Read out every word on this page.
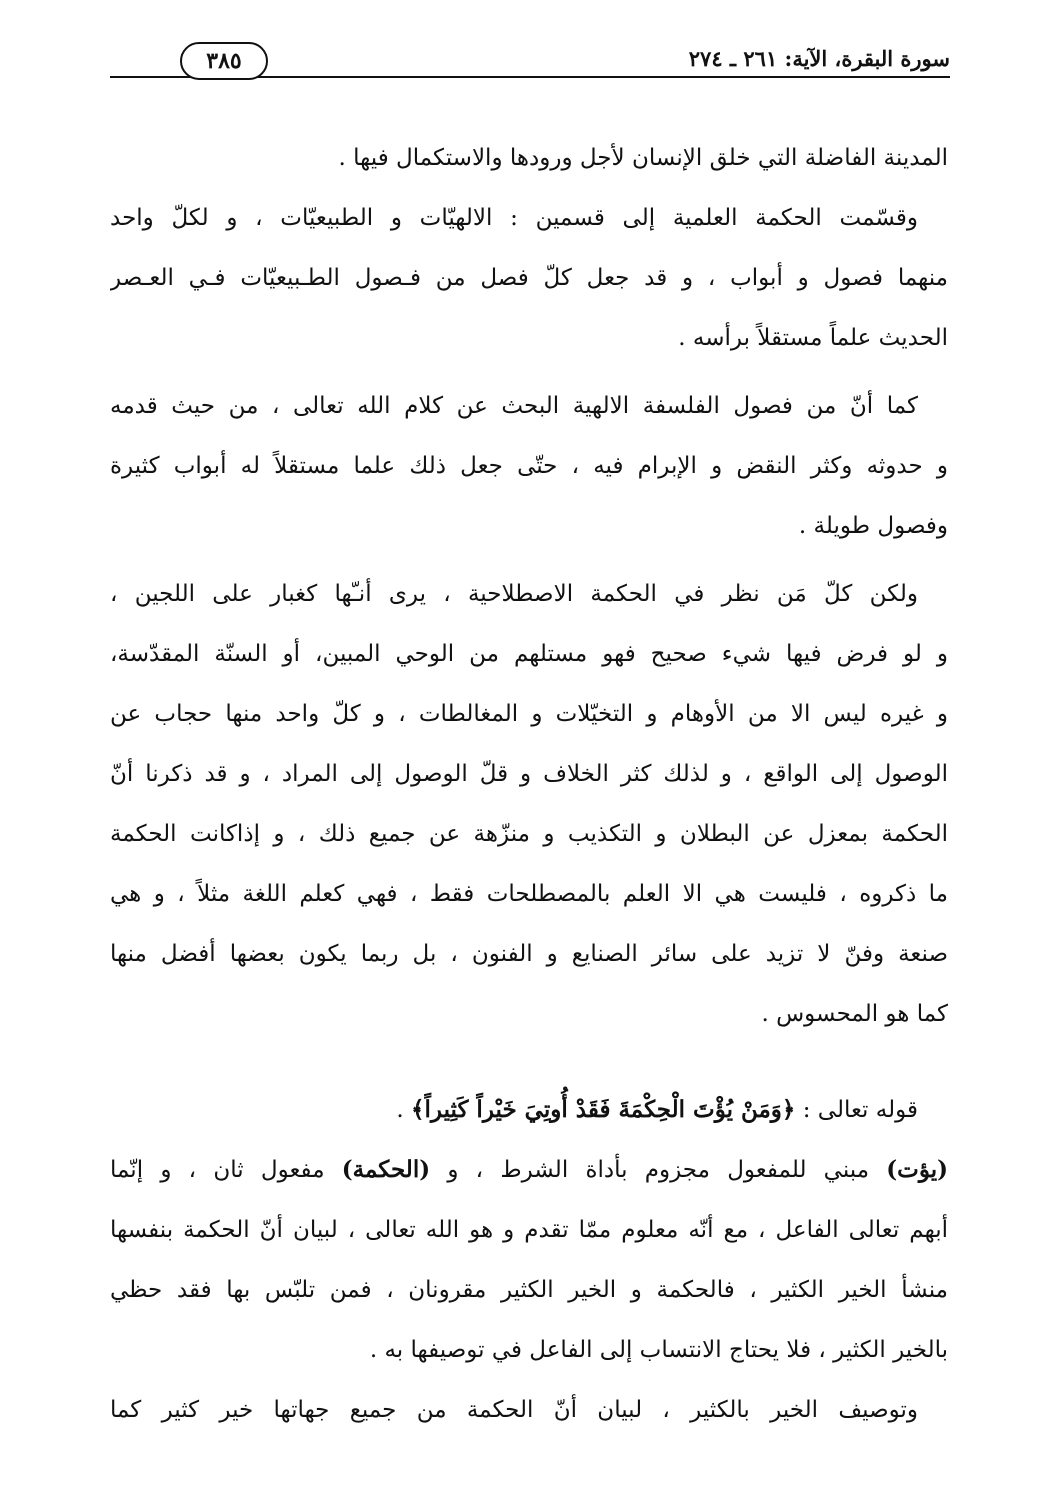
سورة البقرة، الآية: ٢٦١ ـ ٢٧٤
٣٨٥
المدينة الفاضلة التي خلق الإنسان لأجل ورودها والاستكمال فيها .
وقسّمت الحكمة العلمية إلى قسمين : الالهيّات و الطبيعيّات ، و لكلّ واحد
منهما فصول و أبواب ، و قد جعل كلّ فصل من فـصول الطـبيعيّات فـي العـصر
الحديث علماً مستقلاً برأسه .
كما أنّ من فصول الفلسفة الالهية البحث عن كلام الله تعالى ، من حيث قدمه
و حدوثه وكثر النقض و الإبرام فيه ، حتّى جعل ذلك علما مستقلاً له أبواب كثيرة
وفصول طويلة .
ولكن كلّ مَن نظر في الحكمة الاصطلاحية ، يرى أنـّها كغبار على اللجين ،
و لو فرض فيها شيء صحيح فهو مستلهم من الوحي المبين، أو السنّة المقدّسة،
و غيره ليس الا من الأوهام و التخيّلات و المغالطات ، و كلّ واحد منها حجاب عن
الوصول إلى الواقع ، و لذلك كثر الخلاف و قلّ الوصول إلى المراد ، و قد ذكرنا أنّ
الحكمة بمعزل عن البطلان و التكذيب و منزّهة عن جميع ذلك ، و إذاكانت الحكمة
ما ذكروه ، فليست هي الا العلم بالمصطلحات فقط ، فهي كعلم اللغة مثلاً ، و هي
صنعة وفنّ لا تزيد على سائر الصنايع و الفنون ، بل ربما يكون بعضها أفضل منها
كما هو المحسوس .
قوله تعالى : ﴿وَمَنْ يُؤْتَ الْحِكْمَةَ فَقَدْ أُوتِيَ خَيْراً كَثِيراً﴾ .
(يؤت) مبني للمفعول مجزوم بأداة الشرط ، و (الحكمة) مفعول ثان ، و إنّما
أبهم تعالى الفاعل ، مع أنّه معلوم ممّا تقدم و هو الله تعالى ، لبيان أنّ الحكمة بنفسها
منشأ الخير الكثير ، فالحكمة و الخير الكثير مقرونان ، فمن تلبّس بها فقد حظي
بالخير الكثير ، فلا يحتاج الانتساب إلى الفاعل في توصيفها به .
وتوصيف الخير بالكثير ، لبيان أنّ الحكمة من جميع جهاتها خير كثير كما
